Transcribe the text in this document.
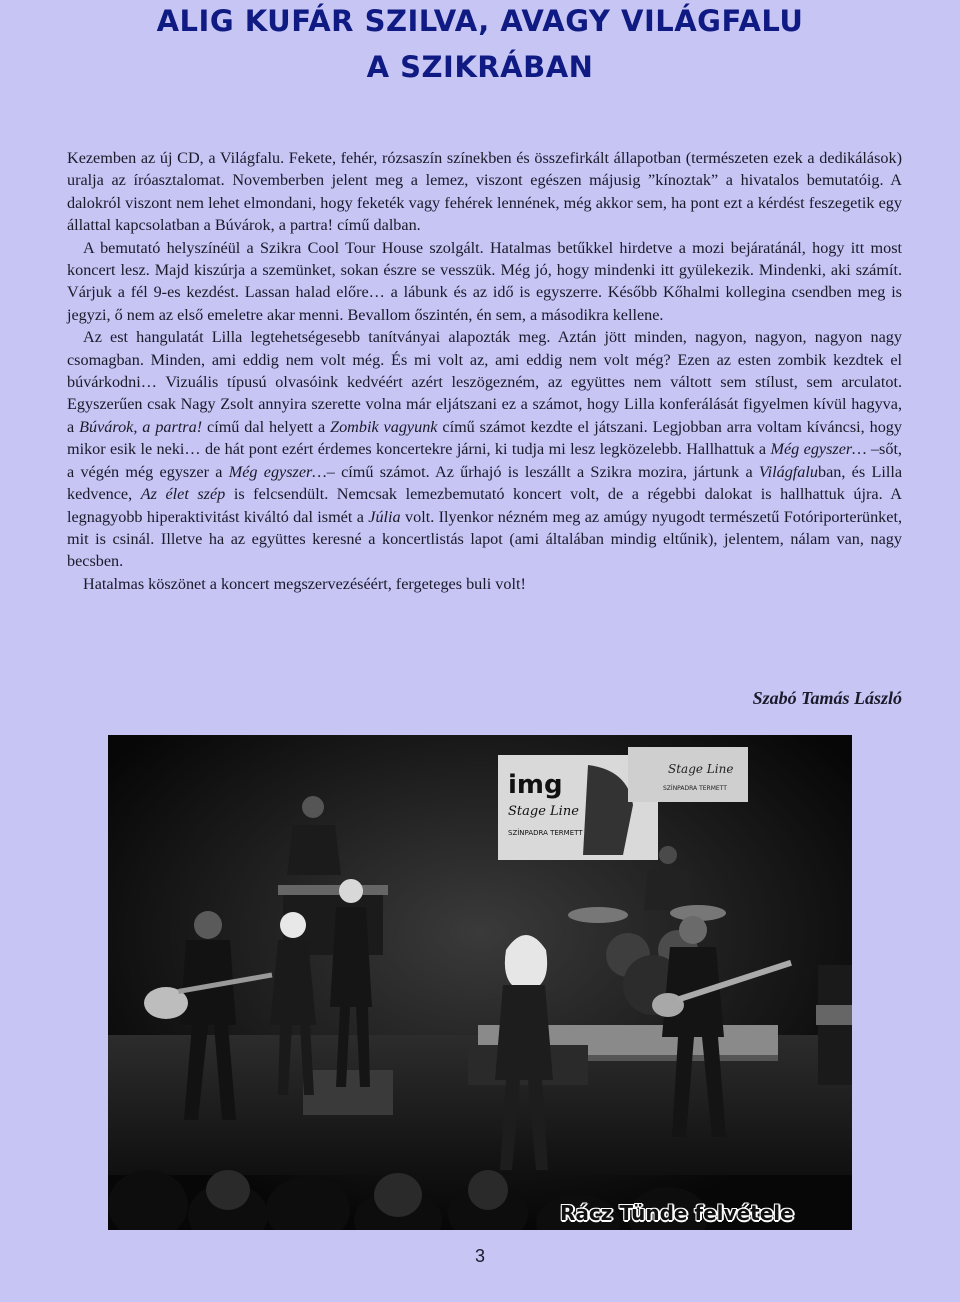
ALIG KUFÁR SZILVA, AVAGY VILÁGFALU
A SZIKRÁBAN

Kezemben az új CD, a Világfalu. Fekete, fehér, rózsaszín színekben és összefirkált állapotban (természeten ezek a dedikálások) uralja az íróasztalomat. Novemberben jelent meg a lemez, viszont egészen májusig ”kínoztak” a hivatalos bemutatóig. A dalokról viszont nem lehet elmondani, hogy feketék vagy fehérek lennének, még akkor sem, ha pont ezt a kérdést feszegetik egy állattal kapcsolatban a Búvárok, a partra! című dalban.

A bemutató helyszínéül a Szikra Cool Tour House szolgált. Hatalmas betűkkel hirdetve a mozi bejáratánál, hogy itt most koncert lesz. Majd kiszúrja a szemünket, sokan észre se vesszük. Még jó, hogy mindenki itt gyülekezik. Mindenki, aki számít. Várjuk a fél 9-es kezdést. Lassan halad előre… a lábunk és az idő is egyszerre. Később Kőhalmi kollegina csendben meg is jegyzi, ő nem az első emeletre akar menni. Bevallom őszintén, én sem, a másodikra kellene.

Az est hangulatát Lilla legtehetségesebb tanítványai alapozták meg. Aztán jött minden, nagyon, nagyon, nagyon nagy csomagban. Minden, ami eddig nem volt még. És mi volt az, ami eddig nem volt még? Ezen az esten zombik kezdtek el búvárkodni… Vizuális típusú olvasóink kedvéért azért leszögezném, az együttes nem váltott sem stílust, sem arculatot. Egyszerűen csak Nagy Zsolt annyira szerette volna már eljátszani ez a számot, hogy Lilla konferálását figyelmen kívül hagyva, a Búvárok, a partra! című dal helyett a Zombik vagyunk című számot kezdte el játszani. Legjobban arra voltam kíváncsi, hogy mikor esik le neki… de hát pont ezért érdemes koncertekre járni, ki tudja mi lesz legközelebb. Hallhattuk a Még egyszer… –sőt, a végén még egyszer a Még egyszer…– című számot. Az űrhajó is leszállt a Szikra mozira, jártunk a Világfaluban, és Lilla kedvence, Az élet szép is felcsendült. Nemcsak lemezbemutató koncert volt, de a régebbi dalokat is hallhattuk újra. A legnagyobb hiperaktivitást kiváltó dal ismét a Júlia volt. Ilyenkor nézném meg az amúgy nyugodt természetű Fotóriporterünket, mit is csinál. Illetve ha az együttes keresné a koncertlistás lapot (ami általában mindig eltűnik), jelentem, nálam van, nagy becsben.

Hatalmas köszönet a koncert megszervezéséért, fergeteges buli volt!

Szabó Tamás László
img
Stage Line
SZÍNPADRA TERMETT
Stage Line
SZÍNPADRA TERMETT
Rácz Tünde felvétele
3
